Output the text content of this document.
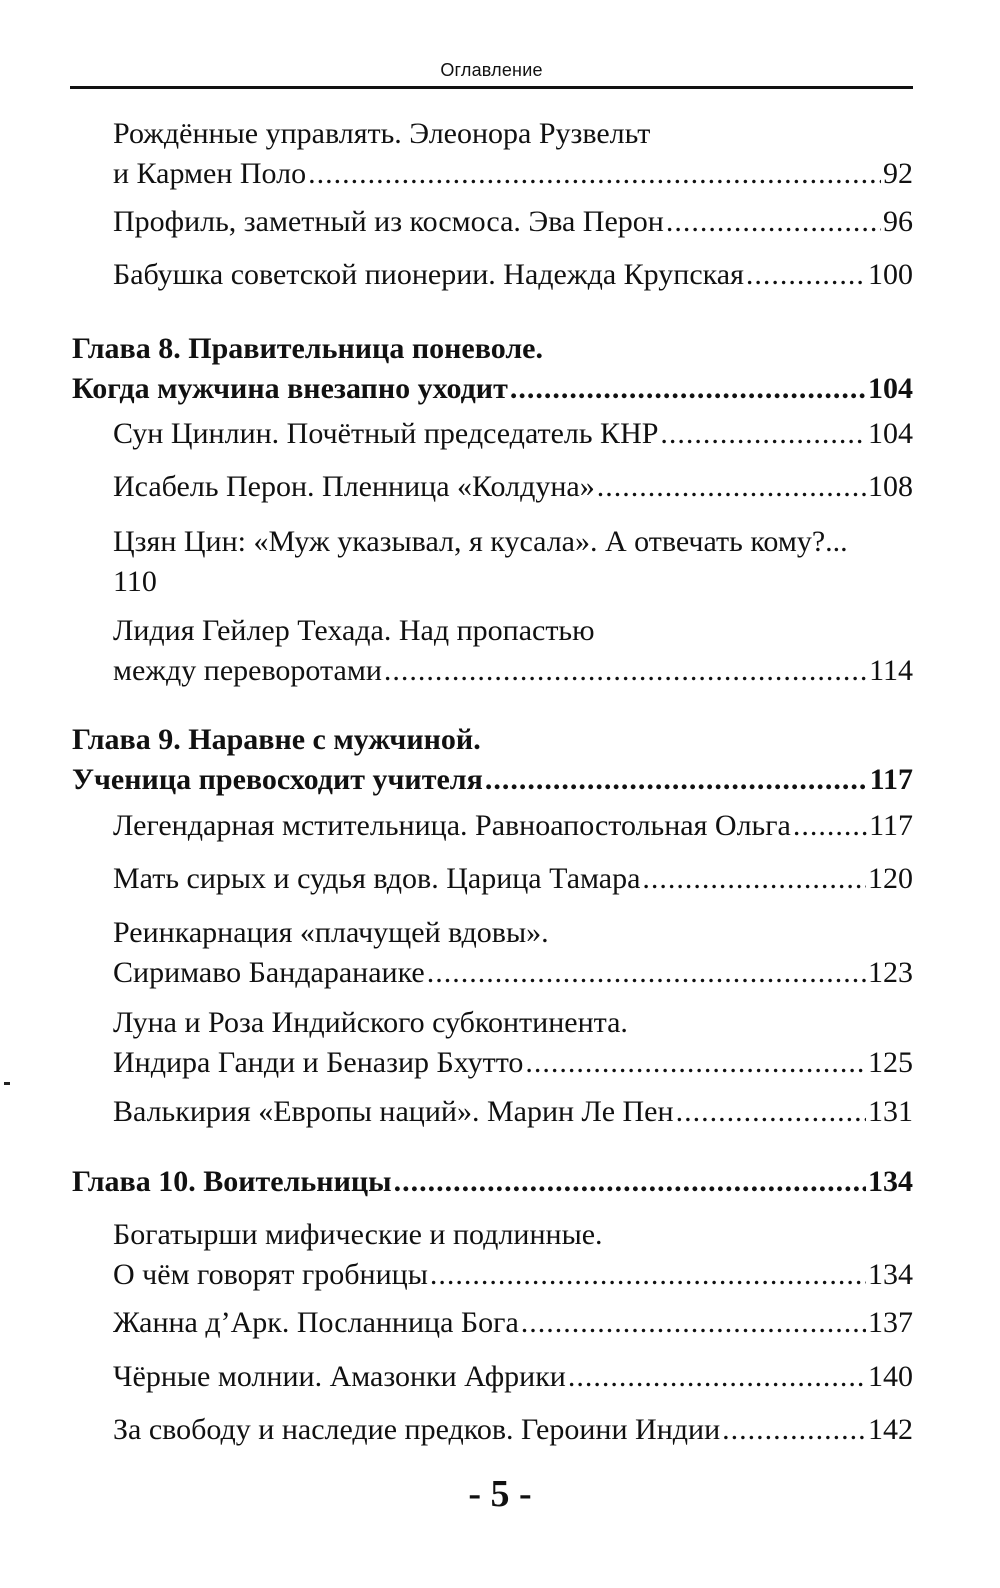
Оглавление
Рождённые управлять. Элеонора Рузвельт
и Кармен Поло .....	92
Профиль, заметный из космоса. Эва Перон .....	96
Бабушка советской пионерии. Надежда Крупская .....	100
Глава 8. Правительница поневоле.
Когда мужчина внезапно уходит .....	104
Сун Цинлин. Почётный председатель КНР .....	104
Исабель Перон. Пленница «Колдуна» .....	108
Цзян Цин: «Муж указывал, я кусала». А отвечать кому?...
110
Лидия Гейлер Техада. Над пропастью
между переворотами .....	114
Глава 9. Наравне с мужчиной.
Ученица превосходит учителя .....	117
Легендарная мстительница. Равноапостольная Ольга .....	117
Мать сирых и судья вдов. Царица Тамара .....	120
Реинкарнация «плачущей вдовы».
Сиримаво Бандаранаике .....	123
Луна и Роза Индийского субконтинента.
Индира Ганди и Беназир Бхутто .....	125
Валькирия «Европы наций». Марин Ле Пен .....	131
Глава 10. Воительницы .....	134
Богатырши мифические и подлинные.
О чём говорят гробницы .....	134
Жанна д’Арк. Посланница Бога .....	137
Чёрные молнии. Амазонки Африки .....	140
За свободу и наследие предков. Героини Индии .....	142
- 5 -
